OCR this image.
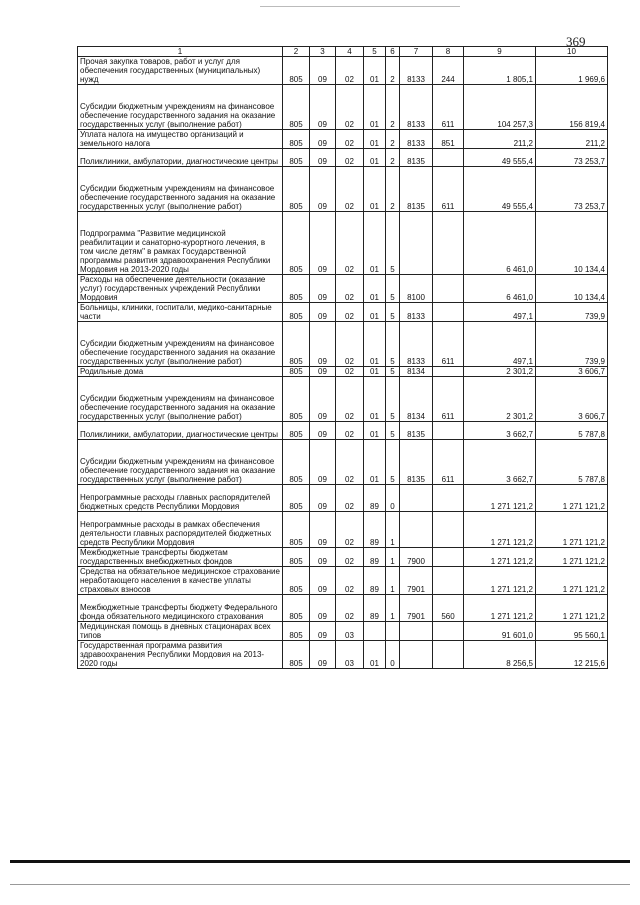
369
1	2	3	4	5	6	7	8	9	10
Прочая закупка товаров, работ и услуг для обеспечения государственных (муниципальных) нужд	805	09	02	01	2	8133	244	1 805,1	1 969,6
Субсидии бюджетным учреждениям на финансовое обеспечение государственного задания на оказание государственных услуг (выполнение работ)	805	09	02	01	2	8133	611	104 257,3	156 819,4
Уплата налога на имущество организаций и земельного налога	805	09	02	01	2	8133	851	211,2	211,2
Поликлиники, амбулатории, диагностические центры	805	09	02	01	2	8135		49 555,4	73 253,7
Субсидии бюджетным учреждениям на финансовое обеспечение государственного задания на оказание государственных услуг (выполнение работ)	805	09	02	01	2	8135	611	49 555,4	73 253,7
Подпрограмма "Развитие медицинской реабилитации и санаторно-курортного лечения, в том числе детям" в рамках Государственной программы развития здравоохранения Республики Мордовия на 2013-2020 годы	805	09	02	01	5			6 461,0	10 134,4
Расходы на обеспечение деятельности (оказание услуг) государственных учреждений Республики Мордовия	805	09	02	01	5	8100		6 461,0	10 134,4
Больницы, клиники, госпитали, медико-санитарные части	805	09	02	01	5	8133		497,1	739,9
Субсидии бюджетным учреждениям на финансовое обеспечение государственного задания на оказание государственных услуг (выполнение работ)	805	09	02	01	5	8133	611	497,1	739,9
Родильные дома	805	09	02	01	5	8134		2 301,2	3 606,7
Субсидии бюджетным учреждениям на финансовое обеспечение государственного задания на оказание государственных услуг (выполнение работ)	805	09	02	01	5	8134	611	2 301,2	3 606,7
Поликлиники, амбулатории, диагностические центры	805	09	02	01	5	8135		3 662,7	5 787,8
Субсидии бюджетным учреждениям на финансовое обеспечение государственного задания на оказание государственных услуг (выполнение работ)	805	09	02	01	5	8135	611	3 662,7	5 787,8
Непрограммные расходы главных распорядителей бюджетных средств Республики Мордовия	805	09	02	89	0			1 271 121,2	1 271 121,2
Непрограммные расходы в рамках обеспечения деятельности главных распорядителей бюджетных средств Республики Мордовия	805	09	02	89	1			1 271 121,2	1 271 121,2
Межбюджетные трансферты бюджетам государственных внебюджетных фондов	805	09	02	89	1	7900		1 271 121,2	1 271 121,2
Средства на обязательное медицинское страхование неработающего населения в качестве уплаты страховых взносов	805	09	02	89	1	7901		1 271 121,2	1 271 121,2
Межбюджетные трансферты бюджету Федерального фонда обязательного медицинского страхования	805	09	02	89	1	7901	560	1 271 121,2	1 271 121,2
Медицинская помощь в дневных стационарах всех типов	805	09	03					91 601,0	95 560,1
Государственная программа развития здравоохранения Республики Мордовия на 2013-2020 годы	805	09	03	01	0			8 256,5	12 215,6
